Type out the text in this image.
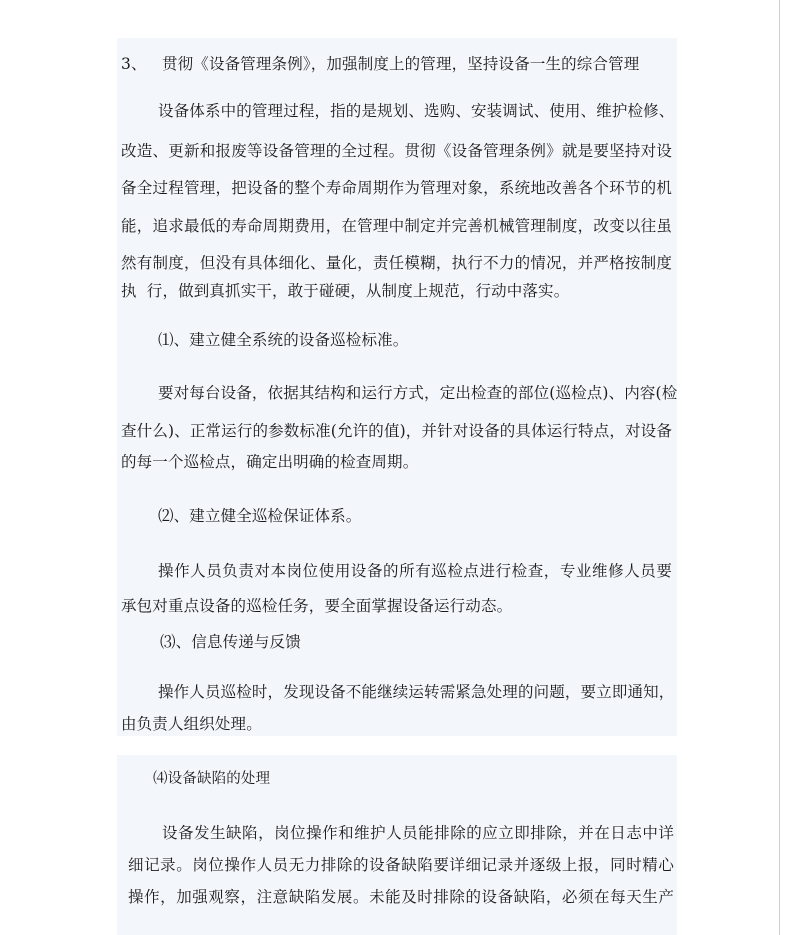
3、 贯彻《设备管理条例》，加强制度上的管理，坚持设备一生的综合管理
设备体系中的管理过程，指的是规划、选购、安装调试、使用、维护检修、
改造、更新和报废等设备管理的全过程。贯彻《设备管理条例》就是要坚持对设
备全过程管理，把设备的整个寿命周期作为管理对象，系统地改善各个环节的机
能，追求最低的寿命周期费用，在管理中制定并完善机械管理制度，改变以往虽
然有制度，但没有具体细化、量化，责任模糊，执行不力的情况，并严格按制度
执  行，做到真抓实干，敢于碰硬，从制度上规范，行动中落实。
⑴、建立健全系统的设备巡检标准。
要对每台设备，依据其结构和运行方式，定出检查的部位(巡检点)、内容(检
查什么)、正常运行的参数标准(允许的值)，并针对设备的具体运行特点，对设备
的每一个巡检点，确定出明确的检查周期。
⑵、建立健全巡检保证体系。
操作人员负责对本岗位使用设备的所有巡检点进行检查，专业维修人员要
承包对重点设备的巡检任务，要全面掌握设备运行动态。
⑶、信息传递与反馈
操作人员巡检时，发现设备不能继续运转需紧急处理的问题，要立即通知，
由负责人组织处理。
⑷设备缺陷的处理
设备发生缺陷，岗位操作和维护人员能排除的应立即排除，并在日志中详
细记录。岗位操作人员无力排除的设备缺陷要详细记录并逐级上报，同时精心
操作，加强观察，注意缺陷发展。未能及时排除的设备缺陷，必须在每天生产
